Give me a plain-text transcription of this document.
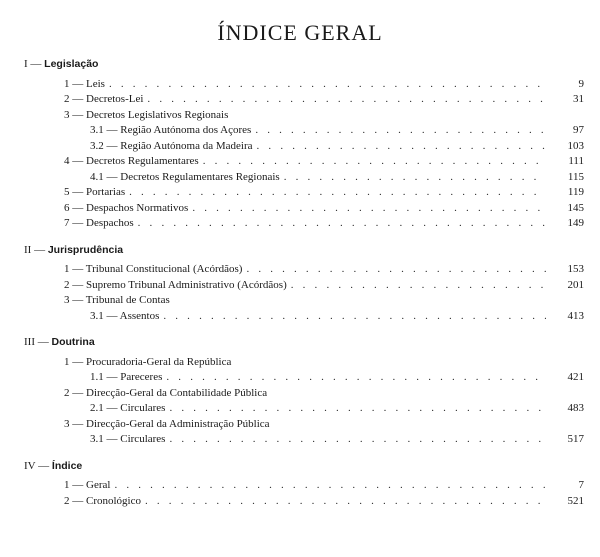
ÍNDICE GERAL

I — Legislação

1 — Leis . . .	9
2 — Decretos-Lei . . .	31
3 — Decretos Legislativos Regionais
3.1 — Região Autónoma dos Açores . . .	97
3.2 — Região Autónoma da Madeira . . .	103
4 — Decretos Regulamentares . . .	111
4.1 — Decretos Regulamentares Regionais . . .	115
5 — Portarias . . .	119
6 — Despachos Normativos . . .	145
7 — Despachos . . .	149

II — Jurisprudência

1 — Tribunal Constitucional (Acórdãos) . . .	153
2 — Supremo Tribunal Administrativo (Acórdãos) . . .	201
3 — Tribunal de Contas
3.1 — Assentos . . .	413

III — Doutrina

1 — Procuradoria-Geral da República
1.1 — Pareceres . . .	421
2 — Direcção-Geral da Contabilidade Pública
2.1 — Circulares . . .	483
3 — Direcção-Geral da Administração Pública
3.1 — Circulares . . .	517

IV — Índice

1 — Geral . . .	7
2 — Cronológico . . .	521
